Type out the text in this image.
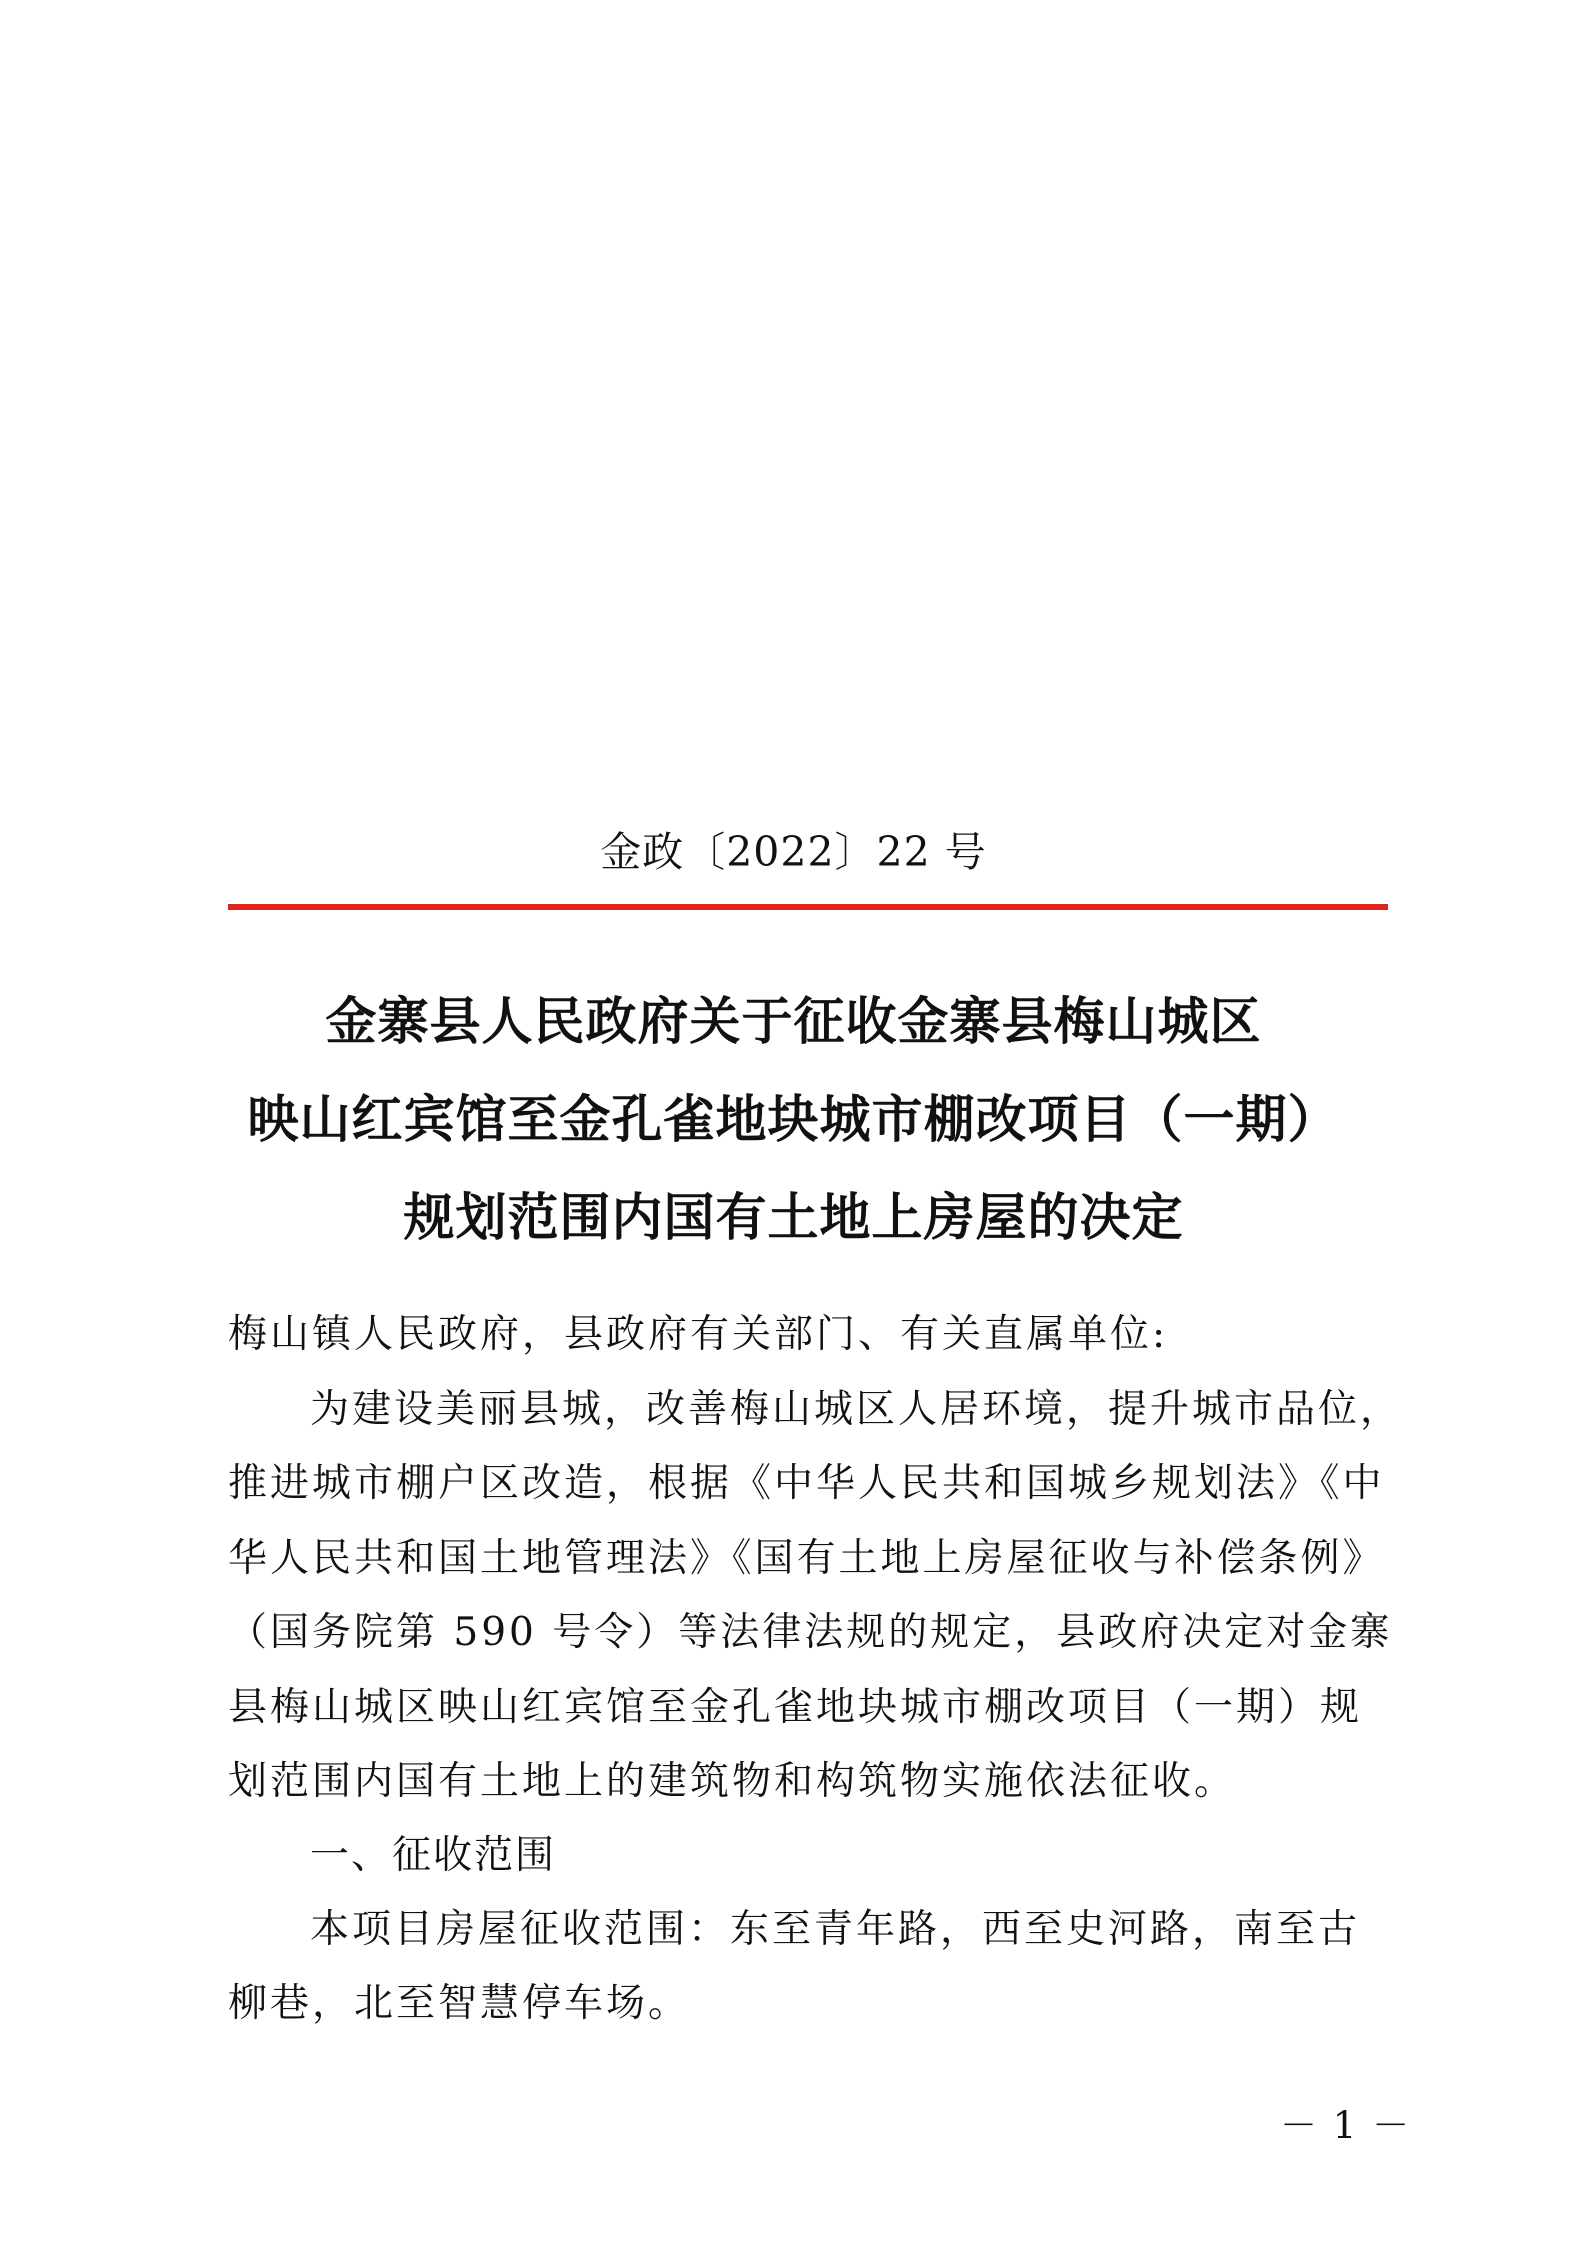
金政〔2022〕22 号
金寨县人民政府关于征收金寨县梅山城区
映山红宾馆至金孔雀地块城市棚改项目（一期）
规划范围内国有土地上房屋的决定
梅山镇人民政府，县政府有关部门、有关直属单位:
为建设美丽县城，改善梅山城区人居环境，提升城市品位，
推进城市棚户区改造，根据《中华人民共和国城乡规划法》《中
华人民共和国土地管理法》《国有土地上房屋征收与补偿条例》
（国务院第 590 号令）等法律法规的规定，县政府决定对金寨
县梅山城区映山红宾馆至金孔雀地块城市棚改项目（一期）规
划范围内国有土地上的建筑物和构筑物实施依法征收。
一、征收范围
本项目房屋征收范围：东至青年路，西至史河路，南至古
柳巷，北至智慧停车场。
－ 1 －
